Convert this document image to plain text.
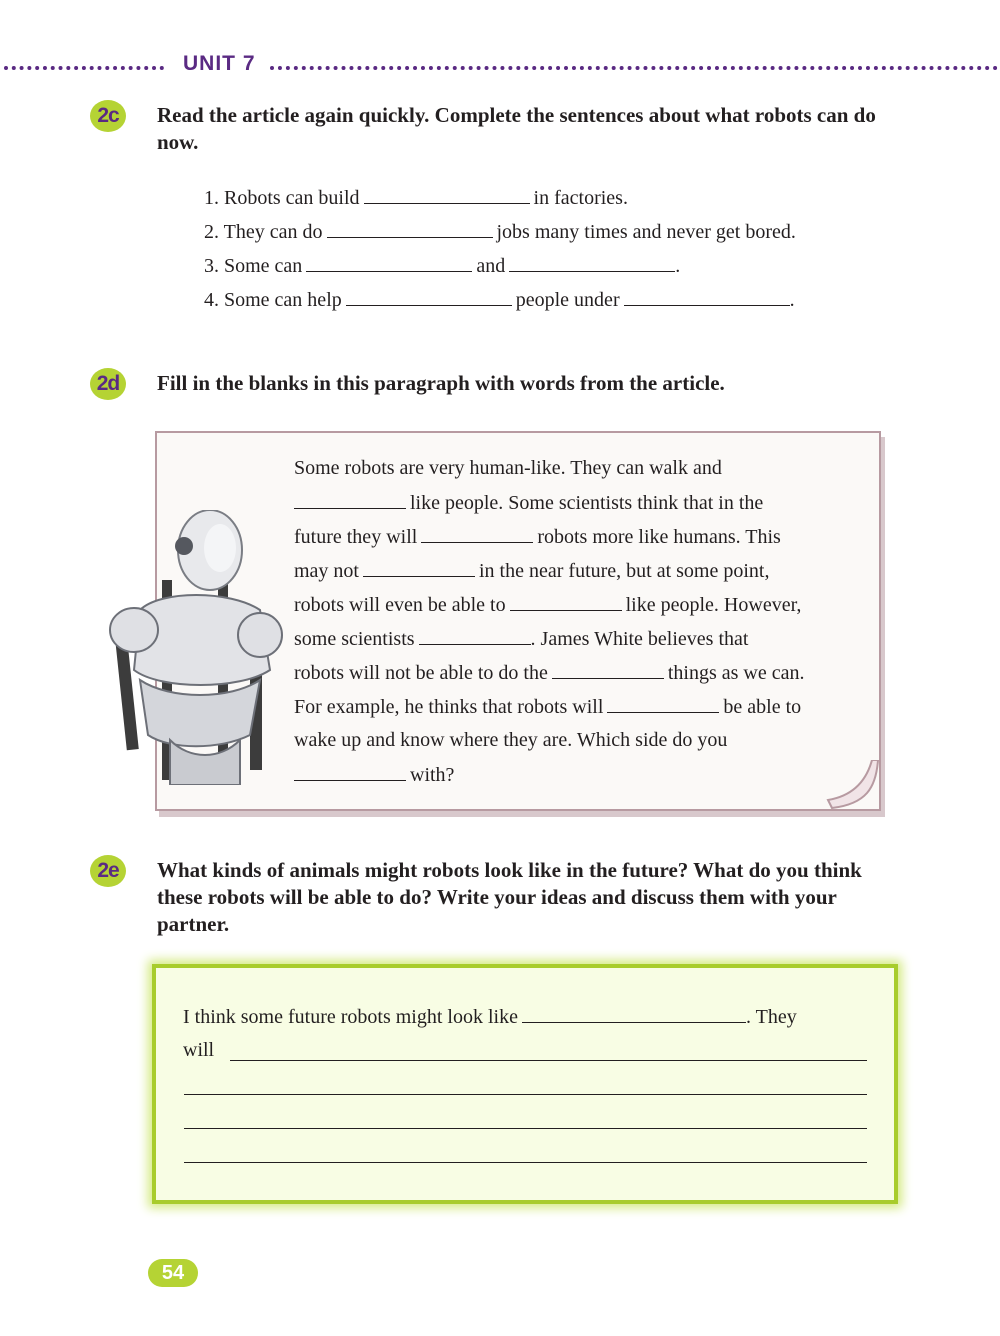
UNIT 7
2c	Read the article again quickly. Complete the sentences about what robots can do now.
1. Robots can build	in factories.
2. They can do	jobs many times and never get bored.
3. Some can	and	.
4. Some can help	people under	.
2d	Fill in the blanks in this paragraph with words from the article.
Some robots are very human-like. They can walk and
like people. Some scientists think that in the
future they will	robots more like humans. This
may not	in the near future, but at some point,
robots will even be able to	like people. However,
some scientists	. James White believes that
robots will not be able to do the	things as we can.
For example, he thinks that robots will	be able to
wake up and know where they are. Which side do you
with?
2e	What kinds of animals might robots look like in the future? What do you think these robots will be able to do? Write your ideas and discuss them with your partner.
I think some future robots might look like	. They
will
54
